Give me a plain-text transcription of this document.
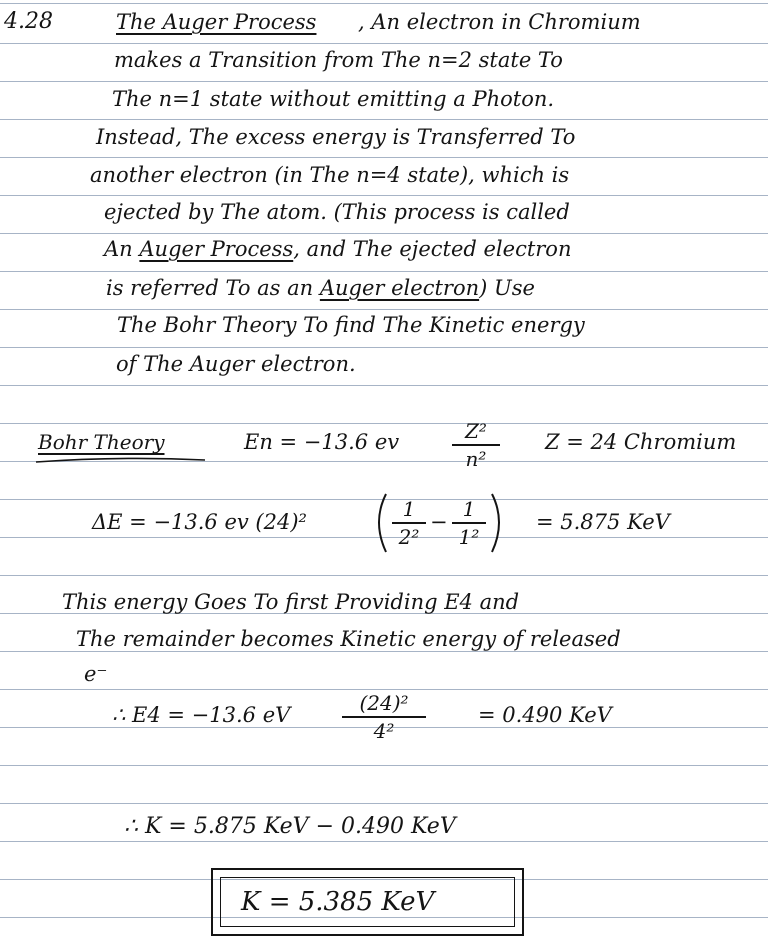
4.28	The Auger Process , An electron in Chromium
makes a Transition from The n=2 state To
The n=1 state without emitting a Photon.
Instead, The excess energy is Transferred To
another electron (in The n=4 state), which is
ejected by The atom. (This process is called
An Auger Process, and The ejected electron
is referred To as an Auger electron) Use
The Bohr Theory To find The Kinetic energy
of The Auger electron.
Bohr Theory	En = −13.6 ev	Z²
n²
Z = 24 Chromium
ΔE = −13.6 ev (24)²
1
2²
−
1
1²
= 5.875 KeV
This energy Goes To first Providing E4 and
The remainder becomes Kinetic energy of released
e⁻
∴ E4 = −13.6 eV	(24)²
4²
= 0.490 KeV
∴ K = 5.875 KeV − 0.490 KeV
K = 5.385 KeV
